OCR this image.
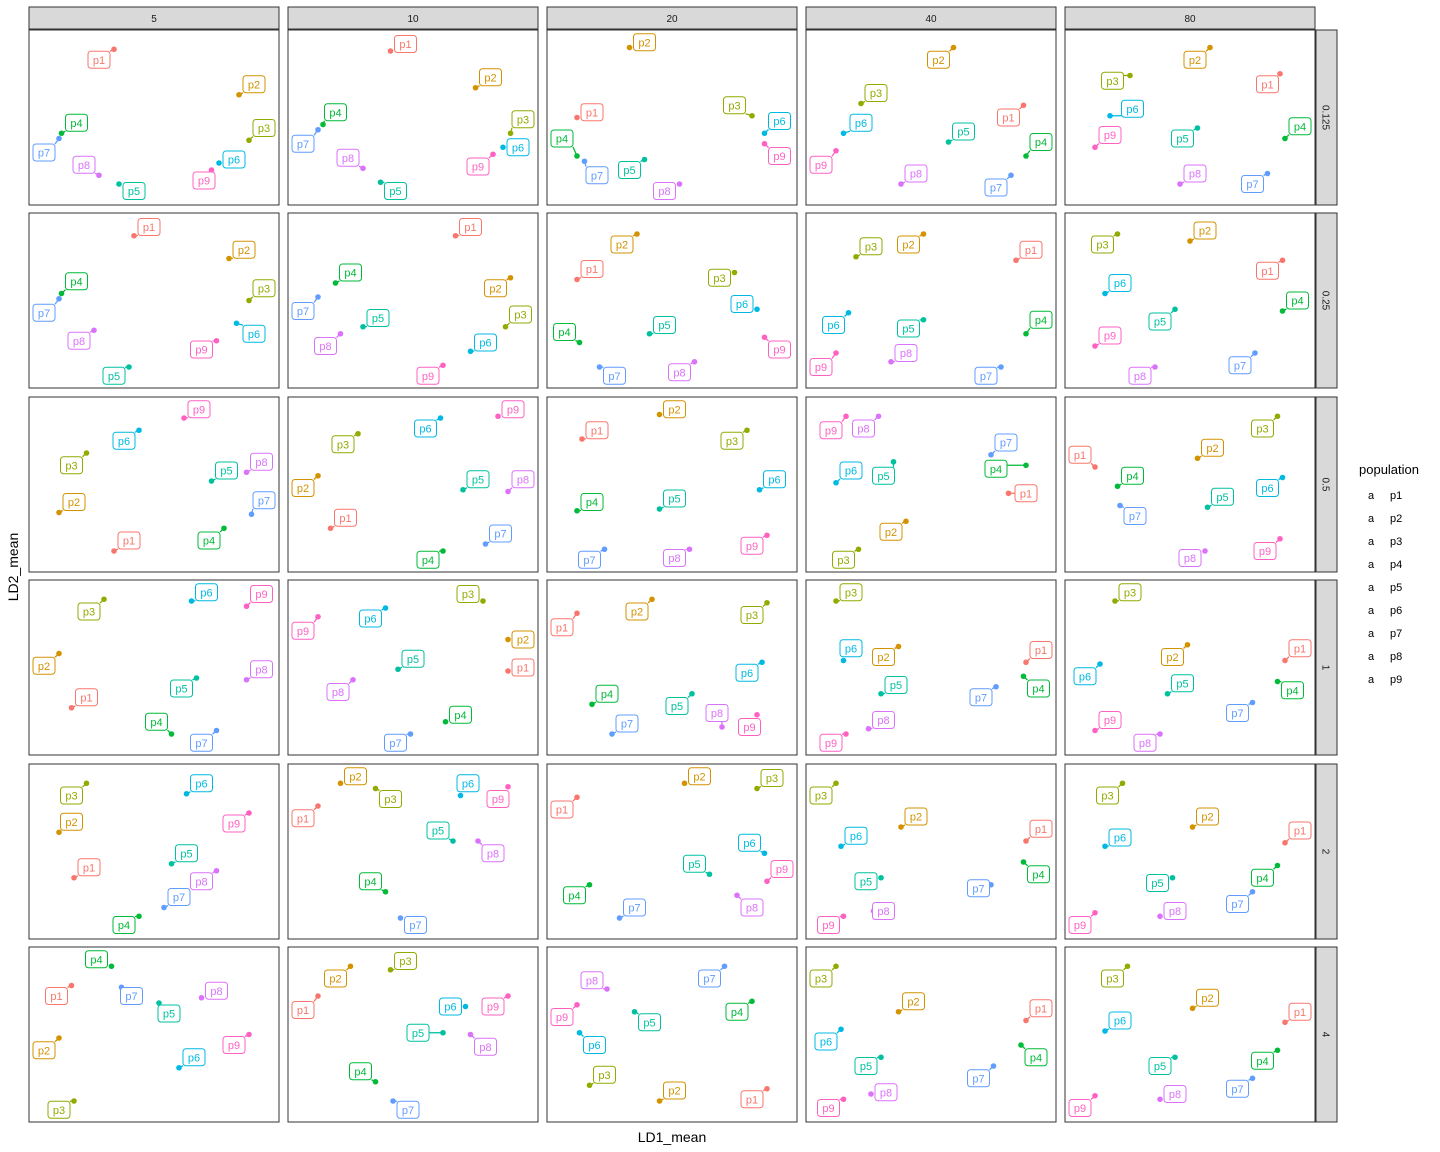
p1
p2
p3
p4
p5
p6
p7
p8
p9
p1
p2
p3
p4
p5
p6
p7
p8
p9
p1
p2
p3
p4
p5
p6
p7
p8
p9
p1
p2
p3
p4
p5
p6
p7
p8
p9
p1
p2
p3
p4
p5
p6
p7
p8
p9
p1
p2
p3
p4
p5
p6
p7
p8
p9
p1
p2
p3
p4
p5
p6
p7
p8
p9
p1
p2
p3
p4
p5
p6
p7	p8
p9
p1
p2
p3
p4
p5
p6
p7
p8
p9
p1
p2
p3
p4
p5
p6
p7
p8
p9
p1
p2
p3
p4
p5
p6
p7
p8
p9
p1
p2
p3
p4
p5
p6
p7
p8
p9
p1
p2
p3
p4	p5
p6
p7	p8
p9
p1
p2
p3
p4
p5
p6
p7
p8
p9
p1
p2
p3
p4
p5
p6
p7
p8
p9
p1
p2
p3
p4
p5
p6
p7
p8
p9
p1
p2
p3
p4
p5
p6
p7
p8
p9	p1
p2	p3
p4
p5
p6
p7
p8
p9
p1
p2
p3
p4
p5
p6
p7
p8
p9
p1
p2
p3
p4
p5
p6
p7
p8
p9
p1
p2
p3
p4
p5
p6
p7
p8
p9	p1
p2
p3
p4
p5
p6
p7
p8
p9
p1
p2	p3
p4
p5
p6
p7	p8
p9
p1
p2
p3
p4
p5
p6
p7
p8
p9
p1
p2
p3
p4
p5
p6
p7
p8
p9
p1
p2
p3
p4
p5
p6
p7	p8
p9
p1
p2
p3
p4
p5
p6
p7
p8
p9
p1
p2
p3
p4
p5
p6
p7
p8
p9
p1
p2
p3
p4
p5
p6
p7
p8
p9
p1
p2
p3
p4
p5
p6
p7
p8
p9
5	10	20	40	80
0.125
0.25
0.5
1
2
4
LD1_mean
LD2_mean
population
a p1
a p2
a p3
a p4
a p5
a p6
a p7
a p8
a p9
